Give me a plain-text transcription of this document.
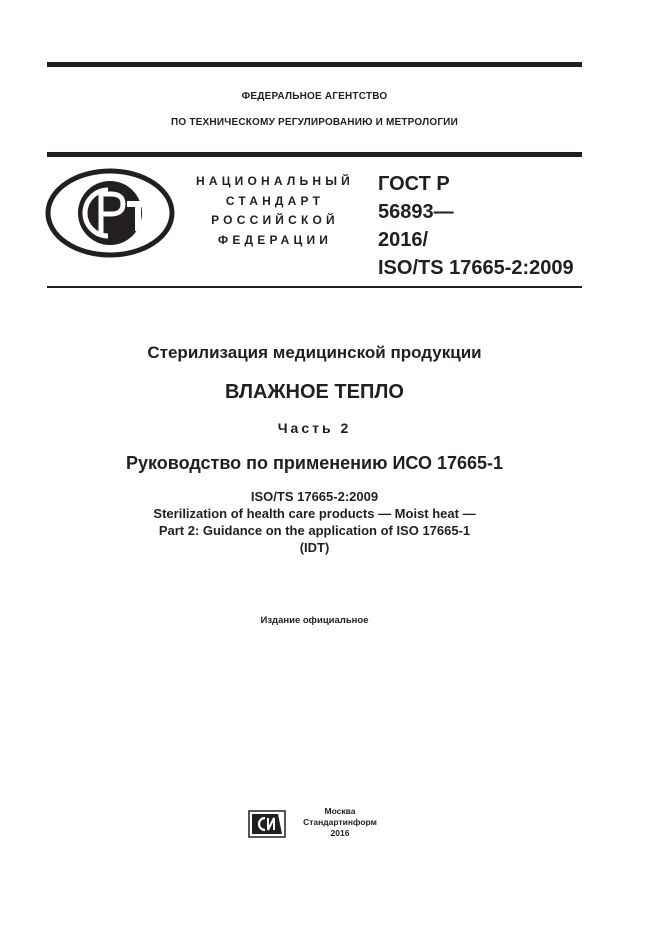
ФЕДЕРАЛЬНОЕ АГЕНТСТВО
ПО ТЕХНИЧЕСКОМУ РЕГУЛИРОВАНИЮ И МЕТРОЛОГИИ
НАЦИОНАЛЬНЫЙ
СТАНДАРТ
РОССИЙСКОЙ
ФЕДЕРАЦИИ
ГОСТ Р
56893—
2016/
ISO/TS 17665-2:2009
Стерилизация медицинской продукции
ВЛАЖНОЕ ТЕПЛО
Часть 2
Руководство по применению ИСО 17665-1
ISO/TS 17665-2:2009
Sterilization of health care products — Moist heat —
Part 2: Guidance on the application of ISO 17665-1
(IDT)
Издание официальное
Москва
Стандартинформ
2016
